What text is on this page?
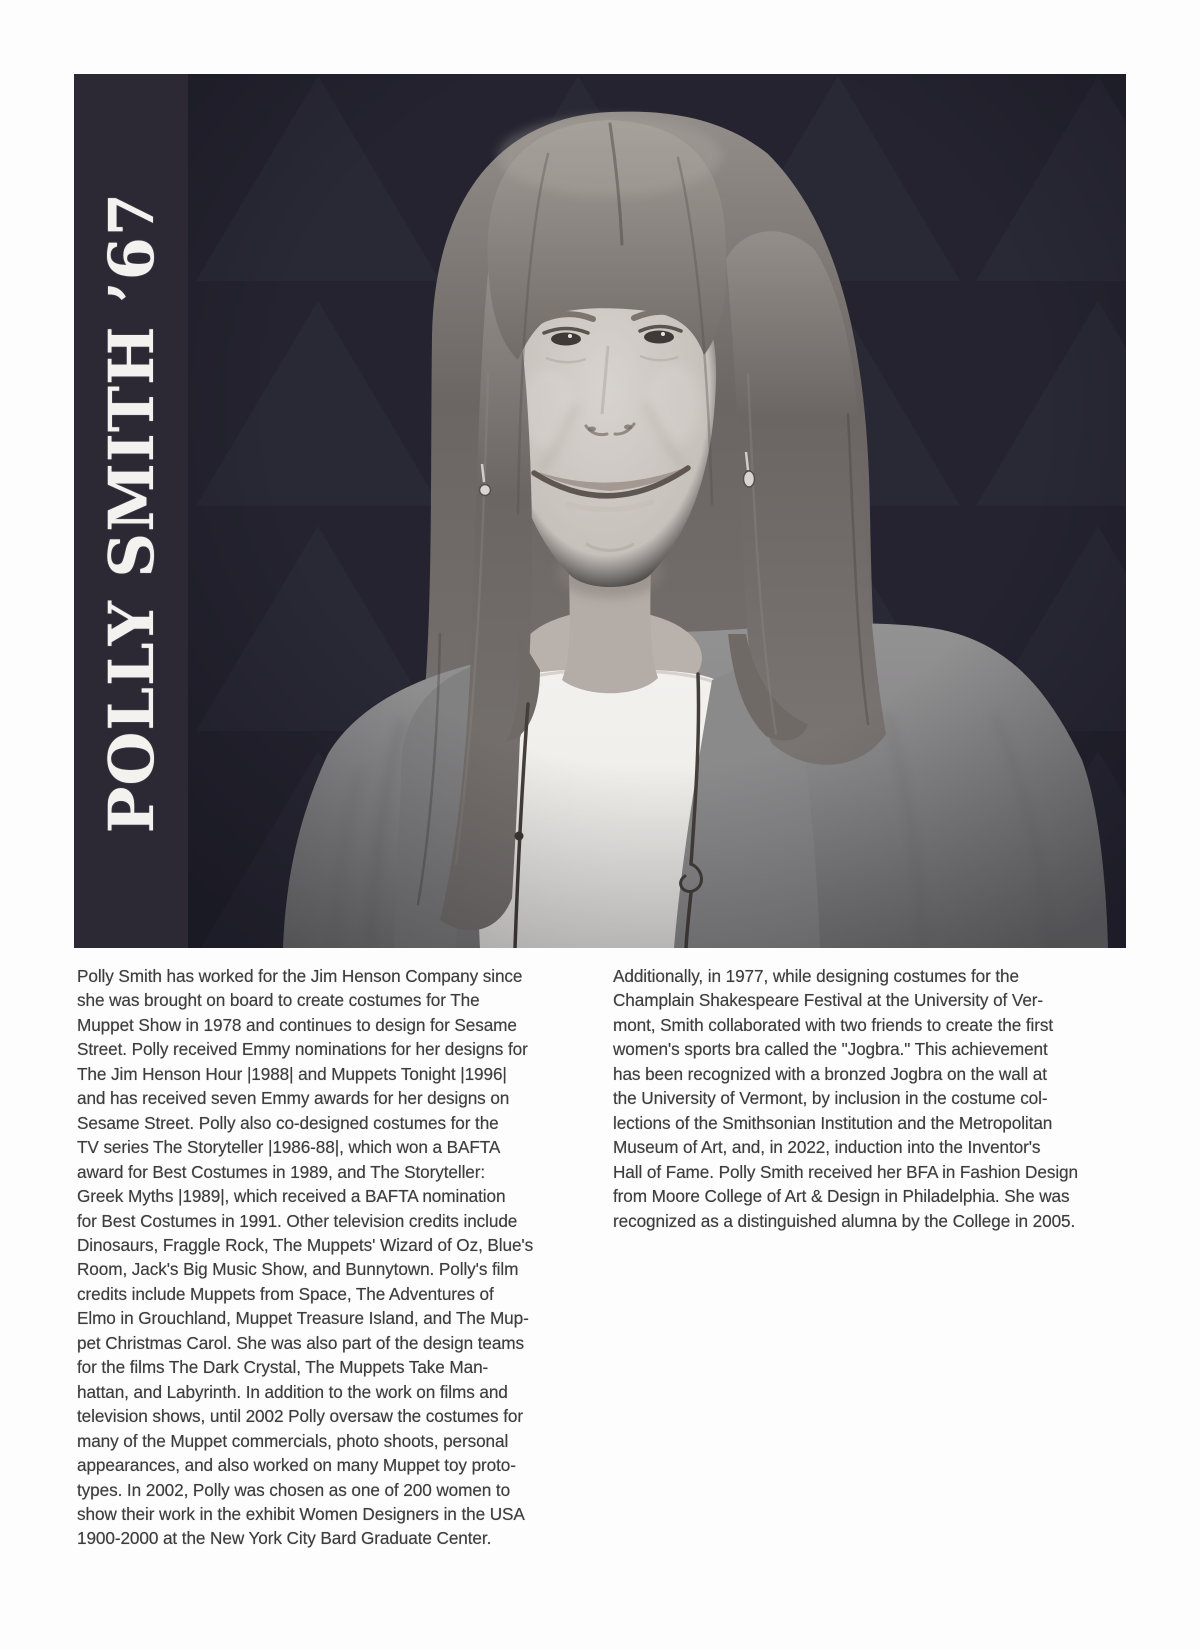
POLLY SMITH ’67
Polly Smith has worked for the Jim Henson Company since
she was brought on board to create costumes for The
Muppet Show in 1978 and continues to design for Sesame
Street. Polly received Emmy nominations for her designs for
The Jim Henson Hour |1988| and Muppets Tonight |1996|
and has received seven Emmy awards for her designs on
Sesame Street. Polly also co-designed costumes for the
TV series The Storyteller |1986-88|, which won a BAFTA
award for Best Costumes in 1989, and The Storyteller:
Greek Myths |1989|, which received a BAFTA nomination
for Best Costumes in 1991. Other television credits include
Dinosaurs, Fraggle Rock, The Muppets' Wizard of Oz, Blue's
Room, Jack's Big Music Show, and Bunnytown. Polly's film
credits include Muppets from Space, The Adventures of
Elmo in Grouchland, Muppet Treasure Island, and The Mup-
pet Christmas Carol. She was also part of the design teams
for the films The Dark Crystal, The Muppets Take Man-
hattan, and Labyrinth. In addition to the work on films and
television shows, until 2002 Polly oversaw the costumes for
many of the Muppet commercials, photo shoots, personal
appearances, and also worked on many Muppet toy proto-
types. In 2002, Polly was chosen as one of 200 women to
show their work in the exhibit Women Designers in the USA
1900-2000 at the New York City Bard Graduate Center.
Additionally, in 1977, while designing costumes for the
Champlain Shakespeare Festival at the University of Ver-
mont, Smith collaborated with two friends to create the first
women's sports bra called the "Jogbra." This achievement
has been recognized with a bronzed Jogbra on the wall at
the University of Vermont, by inclusion in the costume col-
lections of the Smithsonian Institution and the Metropolitan
Museum of Art, and, in 2022, induction into the Inventor's
Hall of Fame. Polly Smith received her BFA in Fashion Design
from Moore College of Art & Design in Philadelphia. She was
recognized as a distinguished alumna by the College in 2005.
